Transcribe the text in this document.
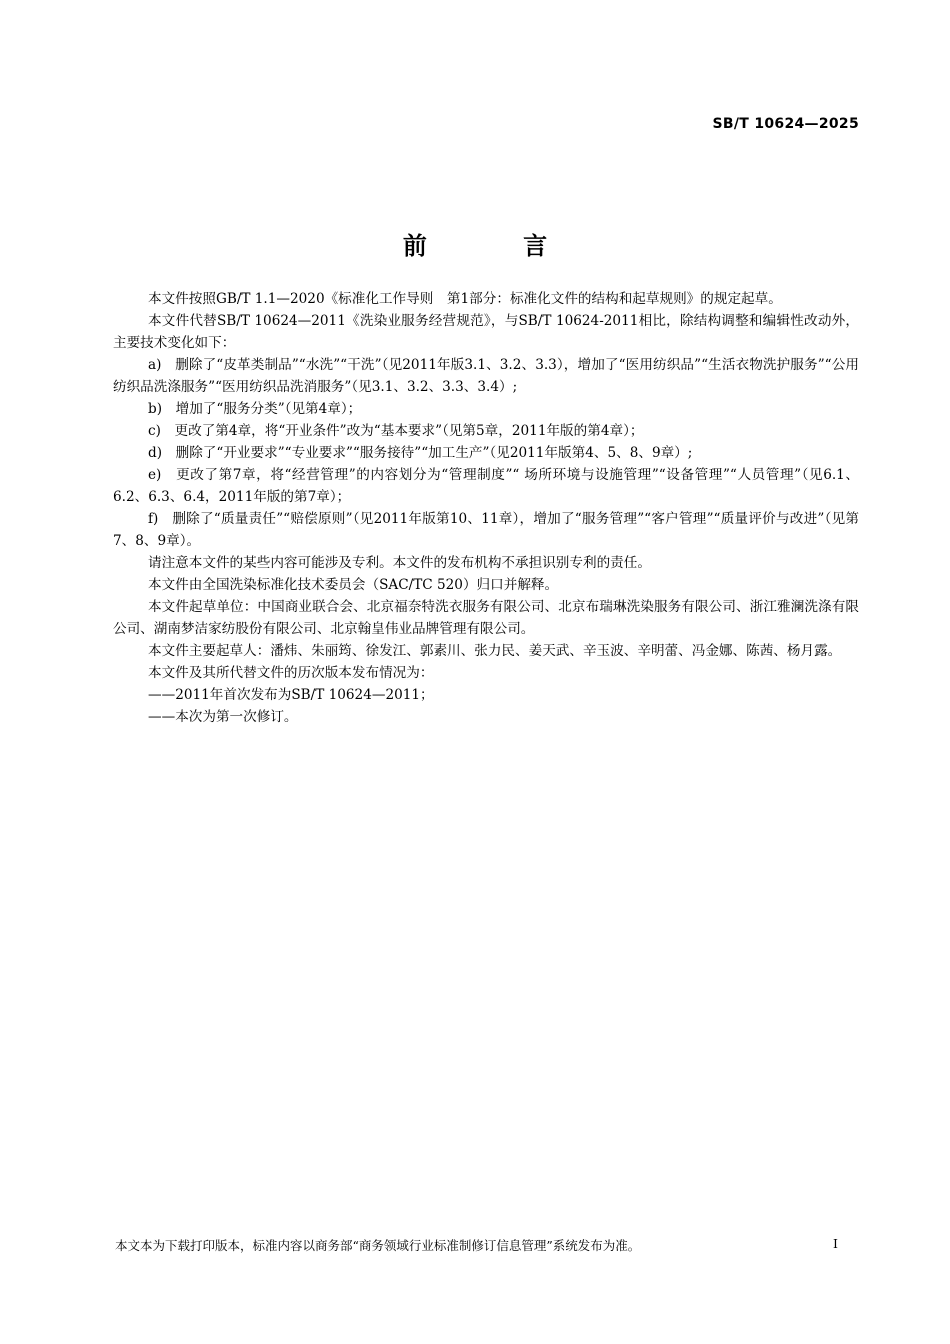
SB/T 10624—2025
前 言

本文件按照GB/T 1.1—2020《标准化工作导则　第1部分：标准化文件的结构和起草规则》的规定起草。

本文件代替SB/T 10624—2011《洗染业服务经营规范》，与SB/T 10624-2011相比，除结构调整和编辑性改动外，主要技术变化如下：

a)　删除了“皮革类制品”“水洗”“干洗”（见2011年版3.1、3.2、3.3），增加了“医用纺织品”“生活衣物洗护服务”“公用纺织品洗涤服务”“医用纺织品洗消服务”（见3.1、3.2、3.3、3.4）;

b)　增加了“服务分类”（见第4章）；

c)　更改了第4章，将“开业条件”改为“基本要求”（见第5章，2011年版的第4章）；

d)　删除了“开业要求”“专业要求”“服务接待”“加工生产”（见2011年版第4、5、8、9章）;

e)　更改了第7章，将“经营管理”的内容划分为“管理制度”“ 场所环境与设施管理”“设备管理”“人员管理”（见6.1、6.2、6.3、6.4，2011年版的第7章）；

f)　删除了“质量责任”“赔偿原则”（见2011年版第10、11章），增加了“服务管理”“客户管理”“质量评价与改进”（见第7、8、9章）。

请注意本文件的某些内容可能涉及专利。本文件的发布机构不承担识别专利的责任。

本文件由全国洗染标准化技术委员会（SAC/TC 520）归口并解释。

本文件起草单位：中国商业联合会、北京福奈特洗衣服务有限公司、北京布瑞琳洗染服务有限公司、浙江雅澜洗涤有限公司、湖南梦洁家纺股份有限公司、北京翰皇伟业品牌管理有限公司。

本文件主要起草人：潘炜、朱丽筠、徐发江、郭素川、张力民、姜天武、辛玉波、辛明蕾、冯金娜、陈茜、杨月露。

本文件及其所代替文件的历次版本发布情况为：

——2011年首次发布为SB/T 10624—2011；

——本次为第一次修订。

本文本为下载打印版本，标准内容以商务部“商务领域行业标准制修订信息管理”系统发布为准。	I
